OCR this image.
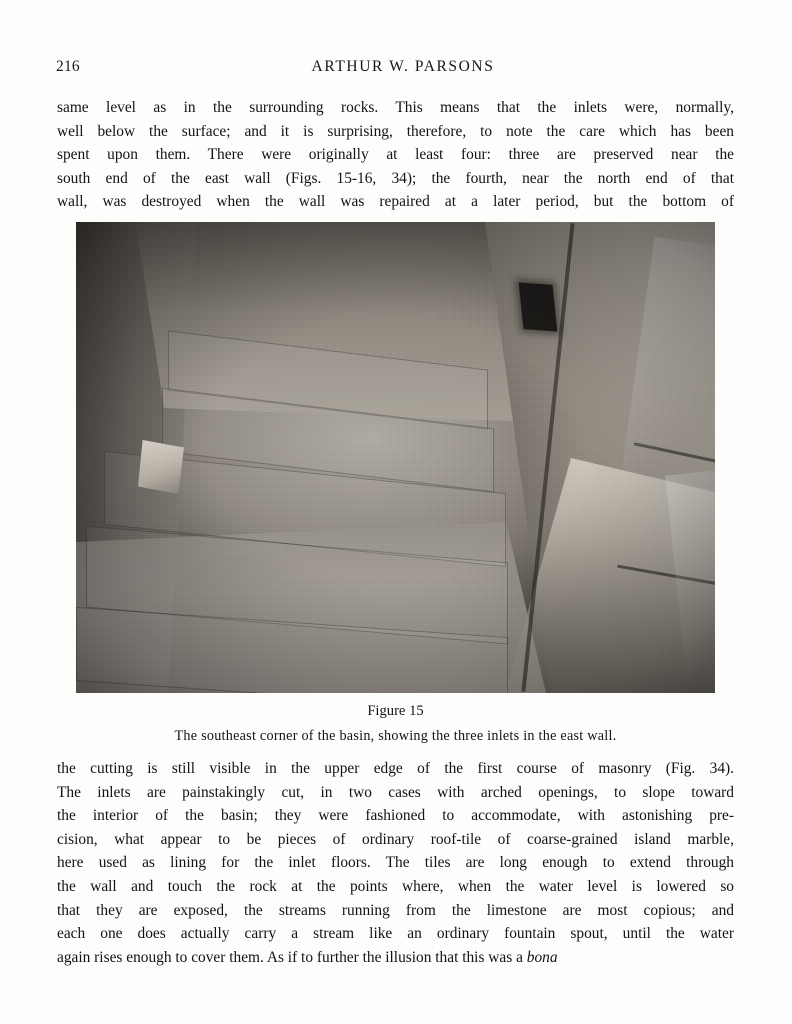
216	ARTHUR W. PARSONS

same level as in the surrounding rocks. This means that the inlets were, normally,
well below the surface; and it is surprising, therefore, to note the care which has been
spent upon them. There were originally at least four: three are preserved near the
south end of the east wall (Figs. 15-16, 34); the fourth, near the north end of that
wall, was destroyed when the wall was repaired at a later period, but the bottom of

Figure 15
The southeast corner of the basin, showing the three inlets in the east wall.

the cutting is still visible in the upper edge of the first course of masonry (Fig. 34).
The inlets are painstakingly cut, in two cases with arched openings, to slope toward
the interior of the basin; they were fashioned to accommodate, with astonishing pre-
cision, what appear to be pieces of ordinary roof-tile of coarse-grained island marble,
here used as lining for the inlet floors. The tiles are long enough to extend through
the wall and touch the rock at the points where, when the water level is lowered so
that they are exposed, the streams running from the limestone are most copious; and
each one does actually carry a stream like an ordinary fountain spout, until the water
again rises enough to cover them. As if to further the illusion that this was a bona
